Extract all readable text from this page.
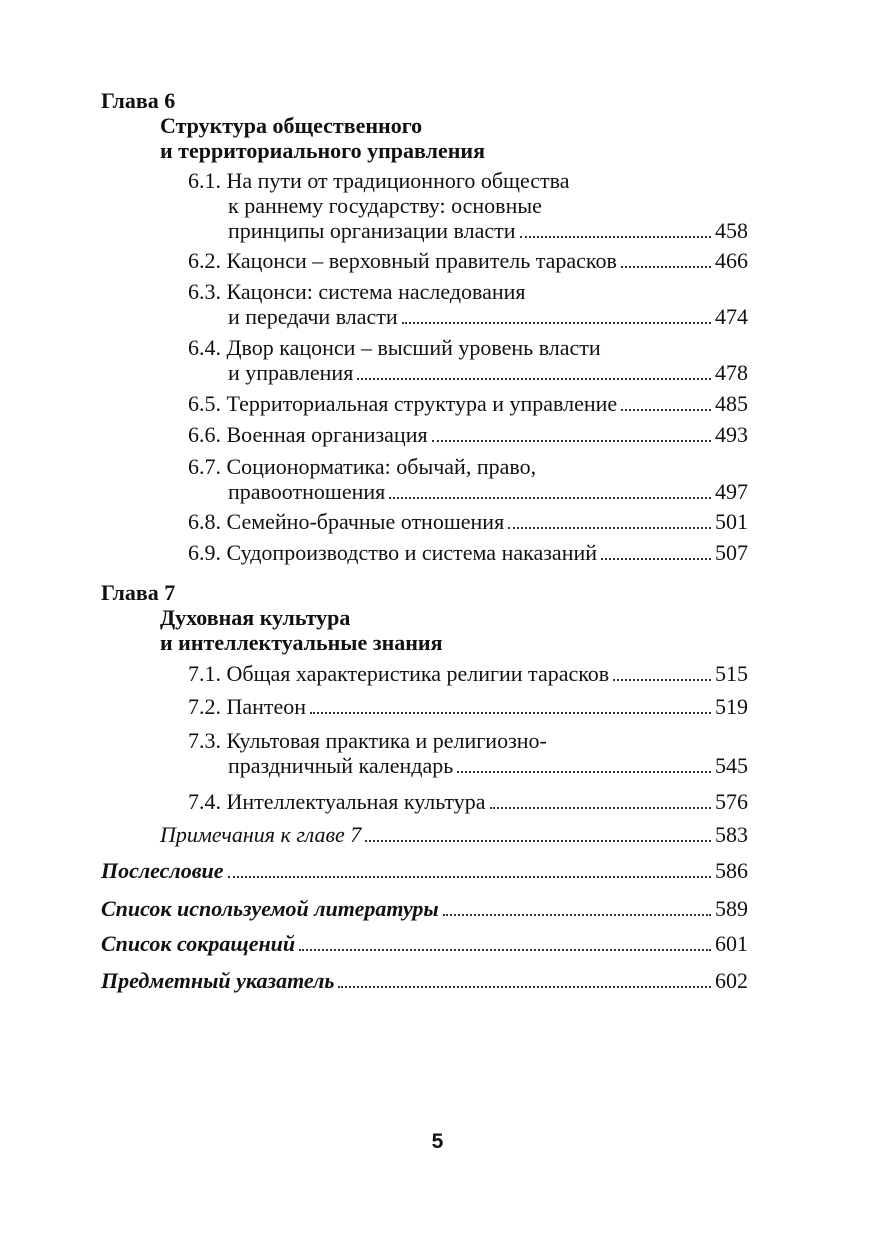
Глава 6
Структура общественного
и территориального управления
6.1. На пути от традиционного общества
к раннему государству: основные
принципы организации власти	458
6.2. Кацонси – верховный правитель тарасков	466
6.3. Кацонси: система наследования
и передачи власти	474
6.4. Двор кацонси – высший уровень власти
и управления	478
6.5. Территориальная структура и управление	485
6.6. Военная организация	493
6.7. Соционорматика: обычай, право,
правоотношения	497
6.8. Семейно-брачные отношения	501
6.9. Судопроизводство и система наказаний	507
Глава 7
Духовная культура
и интеллектуальные знания
7.1. Общая характеристика религии тарасков	515
7.2. Пантеон	519
7.3. Культовая практика и религиозно-
праздничный календарь	545
7.4. Интеллектуальная культура	576
Примечания к главе 7	583
Послесловие	586
Список используемой литературы	589
Список сокращений	601
Предметный указатель	602
5
